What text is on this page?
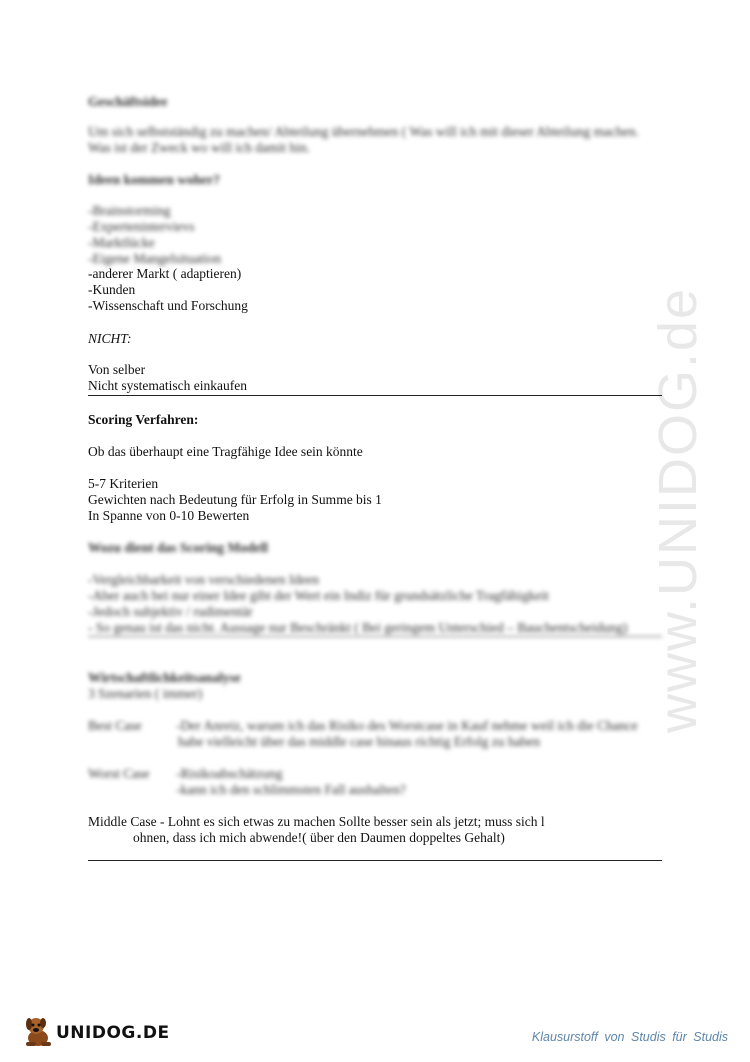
www.UNIDOG.de
Geschäftsidee
Um sich selbstständig zu machen/ Abteilung übernehmen ( Was will ich mit dieser Abteilung machen.
Was ist der Zweck wo will ich damit hin.
Ideen kommen woher?
-Brainstorming
-Expertenintervievs
-Marktlücke
-Eigene Mangelsituation
-anderer Markt ( adaptieren)
-Kunden
-Wissenschaft und Forschung
NICHT:
Von selber
Nicht systematisch einkaufen
Scoring Verfahren:
Ob das überhaupt eine Tragfähige Idee sein könnte
5-7 Kriterien
Gewichten nach Bedeutung für Erfolg in Summe bis 1
In Spanne von 0-10 Bewerten
Wozu dient das Scoring Modell
-Vergleichbarkeit von verschiedenen Ideen
-Aber auch bei nur einer Idee gibt der Wert ein Indiz für grundsätzliche Tragfähigkeit
-Jedoch subjektiv / rudimentär
- So genau ist das nicht. Aussage nur Beschränkt ( Bei geringem Unterschied – Bauchentscheidung)
Wirtschaftlichkeitsanalyse
3 Szenarien ( immer)
Best Case	-Der Anreiz, warum ich das Risiko des Worstcase in Kauf nehme weil ich die Chance
habe vielleicht über das middle case hinaus richtig Erfolg zu haben
Worst Case -Risikoabschätzung
-kann ich den schlimmsten Fall aushalten?
Middle Case - Lohnt es sich etwas zu machen Sollte besser sein als jetzt; muss sich l
ohnen, dass ich mich abwende!( über den Daumen doppeltes Gehalt)
UNIDOG.DE	Klausurstoff von Studis für Studis
